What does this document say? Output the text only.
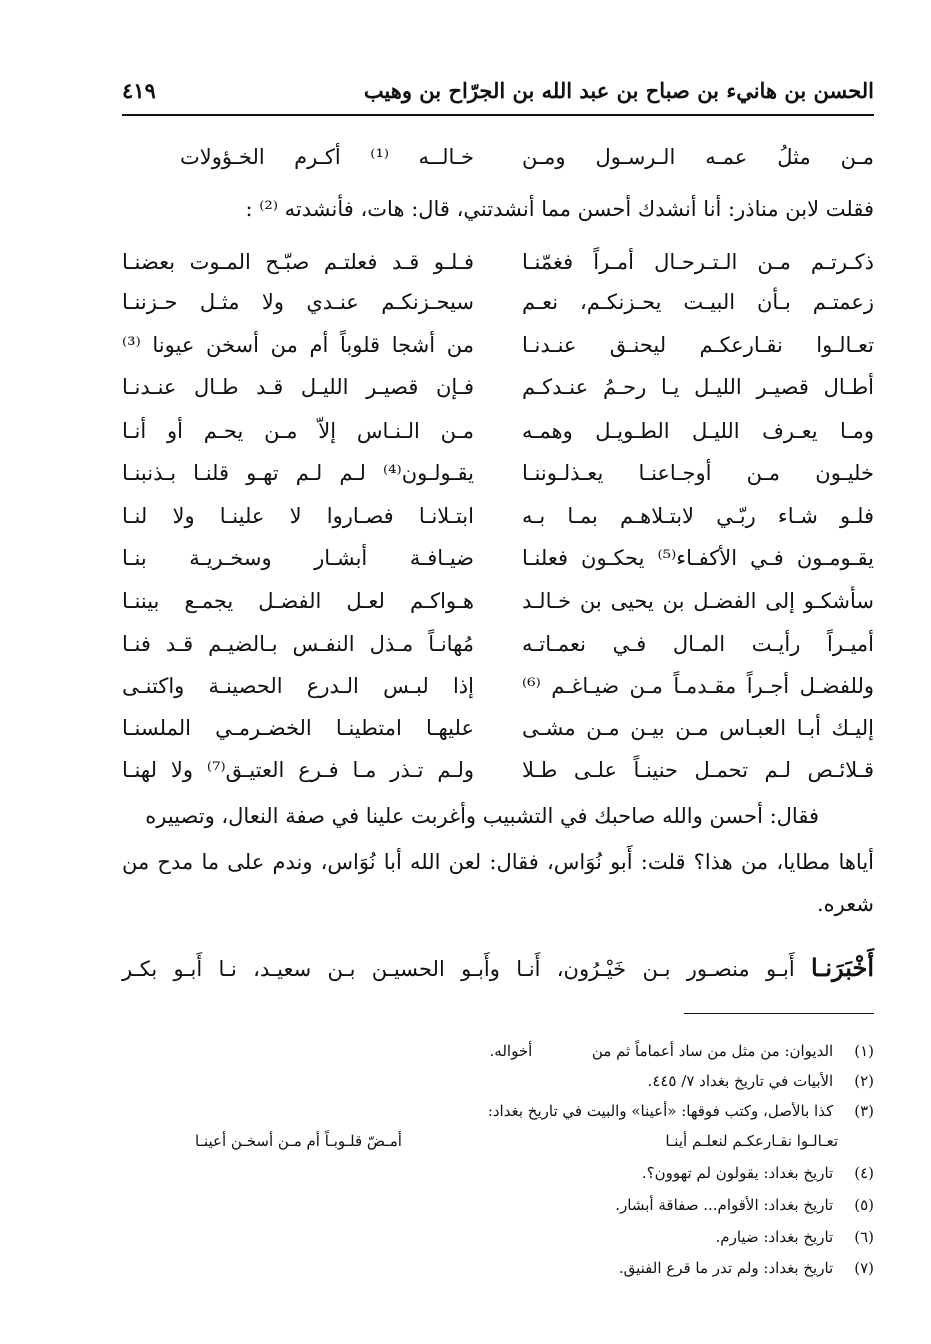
الحسن بن هانيء بن صباح بن عبد الله بن الجرّاح بن وهيب
٤١٩
مـن مثلُ عمـه الـرسـول ومـن
خـالــه ⁽¹⁾ أكـرم الخـؤولات
فقلت لابن مناذر: أنا أنشدك أحسن مما أنشدتني، قال: هات، فأنشدته ⁽²⁾ :
ذكـرتـم مـن الـتـرحـال أمـراً فغمّنـا
فـلـو قـد فعلتـم صبّـح المـوت بعضنـا
زعمتـم بـأن البيـت يحـزنكـم، نعـم
سيحـزنكـم عنـدي ولا مثـل حـزننـا
تعـالـوا نقـارعكـم ليحنـق عنـدنـا
من أشجا قلوباً أم من أسخن عيونا ⁽³⁾
أطـال قصيـر الليـل يـا رحـمُ عنـدكـم
فـإن قصيـر الليـل قـد طـال عنـدنـا
ومـا يعـرف الليـل الطـويـل وهمـه
مـن الـنـاس إلاّ مـن يحـم أو أنـا
خليـون مـن أوجـاعنـا يعـذلـوننـا
يقـولـون⁽⁴⁾ لـم لـم تهـو قلنـا بـذنبنـا
فلـو شـاء ربّـي لابتـلاهـم بمـا بـه
ابتـلانـا فصـاروا لا علينـا ولا لنـا
يقـومـون فـي الأكفـاء⁽⁵⁾ يحكـون فعلنـا
ضيـافـة أبشـار وسخـريـة بنـا
سأشكـو إلى الفضـل بن يحيى بن خـالـد
هـواكـم لعـل الفضـل يجمـع بيننـا
أميـراً رأيـت المـال فـي نعمـاتـه
مُهانـاً مـذل النفـس بـالضيـم قـد فنـا
وللفضـل أجـراً مقـدمـاً مـن ضيـاغـم ⁽⁶⁾
إذا لبـس الـدرع الحصينـة واكتنـى
إليـك أبـا العبـاس مـن بيـن مـن مشـى
عليهـا امتطينـا الخضـرمـي الملسنـا
قـلائـص لـم تحمـل حنينـاً علـى طـلا
ولـم تـذر مـا فـرع العتيـق⁽⁷⁾ ولا لهنـا
فقال: أحسن والله صاحبك في التشبيب وأغربت علينا في صفة النعال، وتصييره
أياها مطايا، من هذا؟ قلت: أَبو نُوَاس، فقال: لعن الله أبا نُوَاس، وندم على ما مدح من
شعره.
أَخْبَرَنـا أَبـو منصـور بـن خَيْـرُون، أَنـا وأَبـو الحسيـن بـن سعيـد، نـا أَبـو بكـر
(١) الديوان: من مثل من ساد أعماماً ثم من  أخواله.
(٢) الأبيات في تاريخ بغداد ٧/ ٤٤٥.
(٣) كذا بالأصل، وكتب فوقها: «أعينا» والبيت في تاريخ بغداد:
تعـالـوا نقـارعكـم لنعلـم أينـا
أمـضّ قلـوبـاً أم مـن أسخـن أعينـا
(٤) تاريخ بغداد: يقولون لم تهوون؟.
(٥) تاريخ بغداد: الأقوام... صفاقة أبشار.
(٦) تاريخ بغداد: ضيارم.
(٧) تاريخ بغداد: ولم تدر ما قرع الفنيق.
